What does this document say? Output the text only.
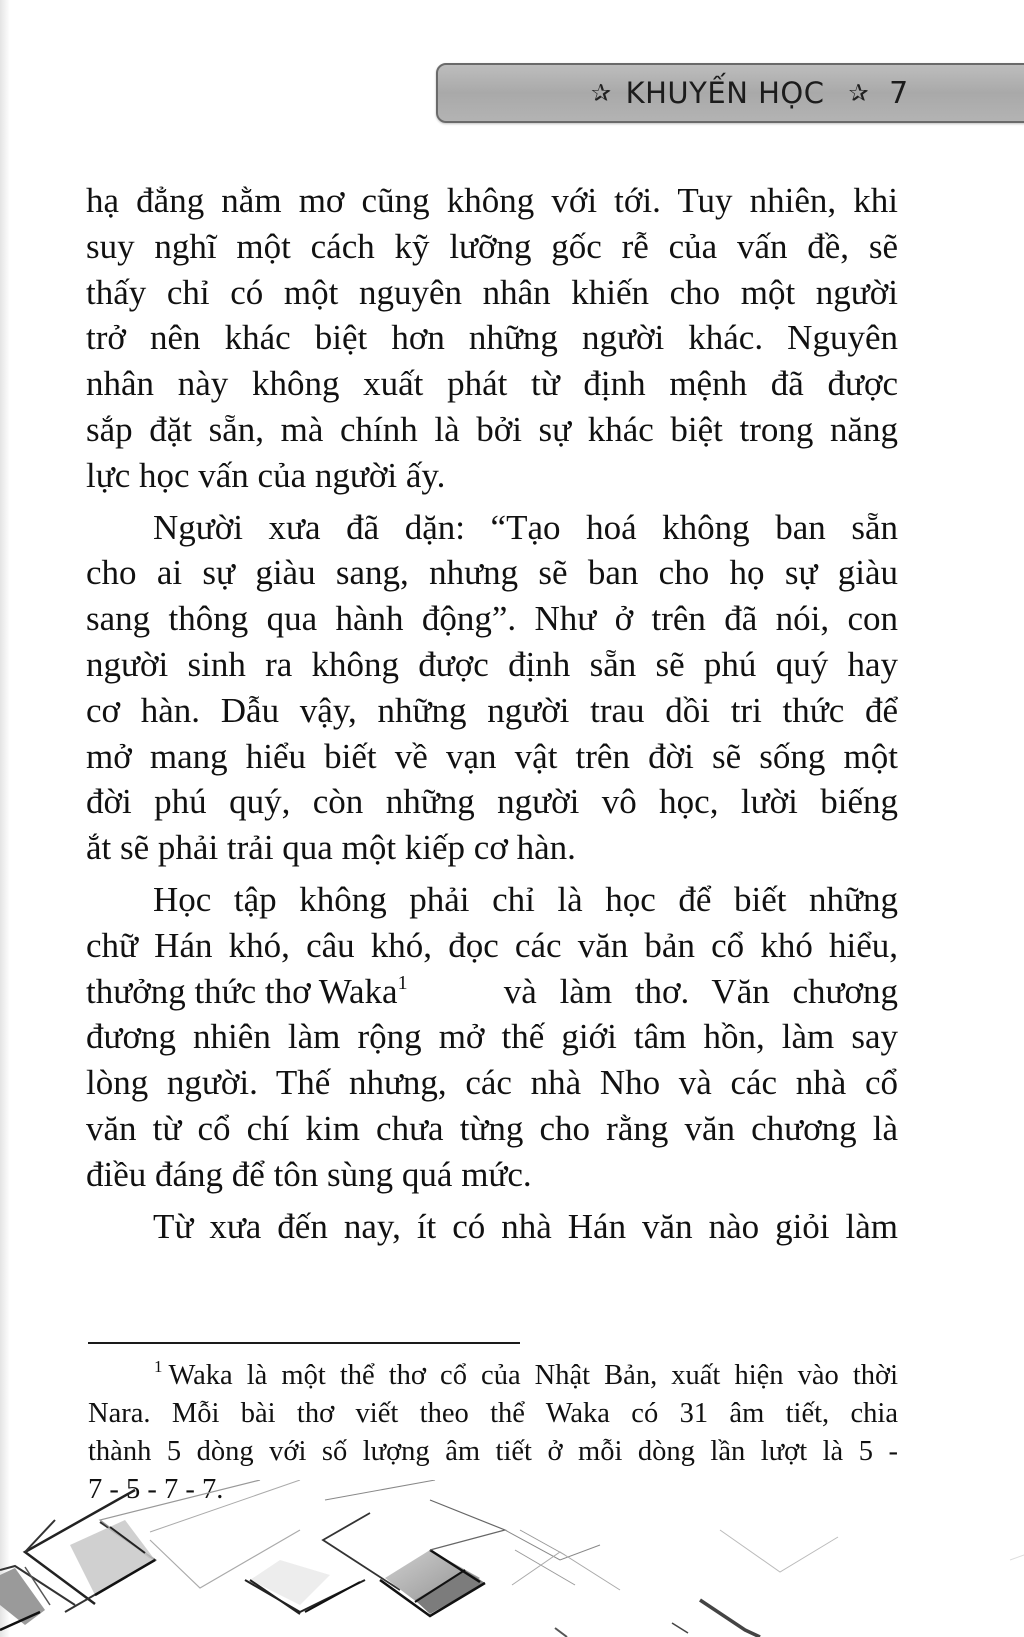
✰ KHUYẾN HỌC ✰ 7
hạ đẳng nằm mơ cũng không với tới. Tuy nhiên, khi
suy nghĩ một cách kỹ lưỡng gốc rễ của vấn đề, sẽ
thấy chỉ có một nguyên nhân khiến cho một người
trở nên khác biệt hơn những người khác. Nguyên
nhân này không xuất phát từ định mệnh đã được
sắp đặt sẵn, mà chính là bởi sự khác biệt trong năng
lực học vấn của người ấy.
Người xưa đã dặn: “Tạo hoá không ban sẵn
cho ai sự giàu sang, nhưng sẽ ban cho họ sự giàu
sang thông qua hành động”. Như ở trên đã nói, con
người sinh ra không được định sẵn sẽ phú quý hay
cơ hàn. Dẫu vậy, những người trau dồi tri thức để
mở mang hiểu biết về vạn vật trên đời sẽ sống một
đời phú quý, còn những người vô học, lười biếng
ắt sẽ phải trải qua một kiếp cơ hàn.
Học tập không phải chỉ là học để biết những
chữ Hán khó, câu khó, đọc các văn bản cổ khó hiểu,
thưởng thức thơ Waka$^1$	và làm thơ. Văn chương
đương nhiên làm rộng mở thế giới tâm hồn, làm say
lòng người. Thế nhưng, các nhà Nho và các nhà cổ
văn từ cổ chí kim chưa từng cho rằng văn chương là
điều đáng để tôn sùng quá mức.
Từ xưa đến nay, ít có nhà Hán văn nào giỏi làm
$^1$ Waka là một thể thơ cổ của Nhật Bản, xuất hiện vào thời
Nara. Mỗi bài thơ viết theo thể Waka có 31 âm tiết, chia
thành 5 dòng với số lượng âm tiết ở mỗi dòng lần lượt là 5 -
7 - 5 - 7 - 7.
